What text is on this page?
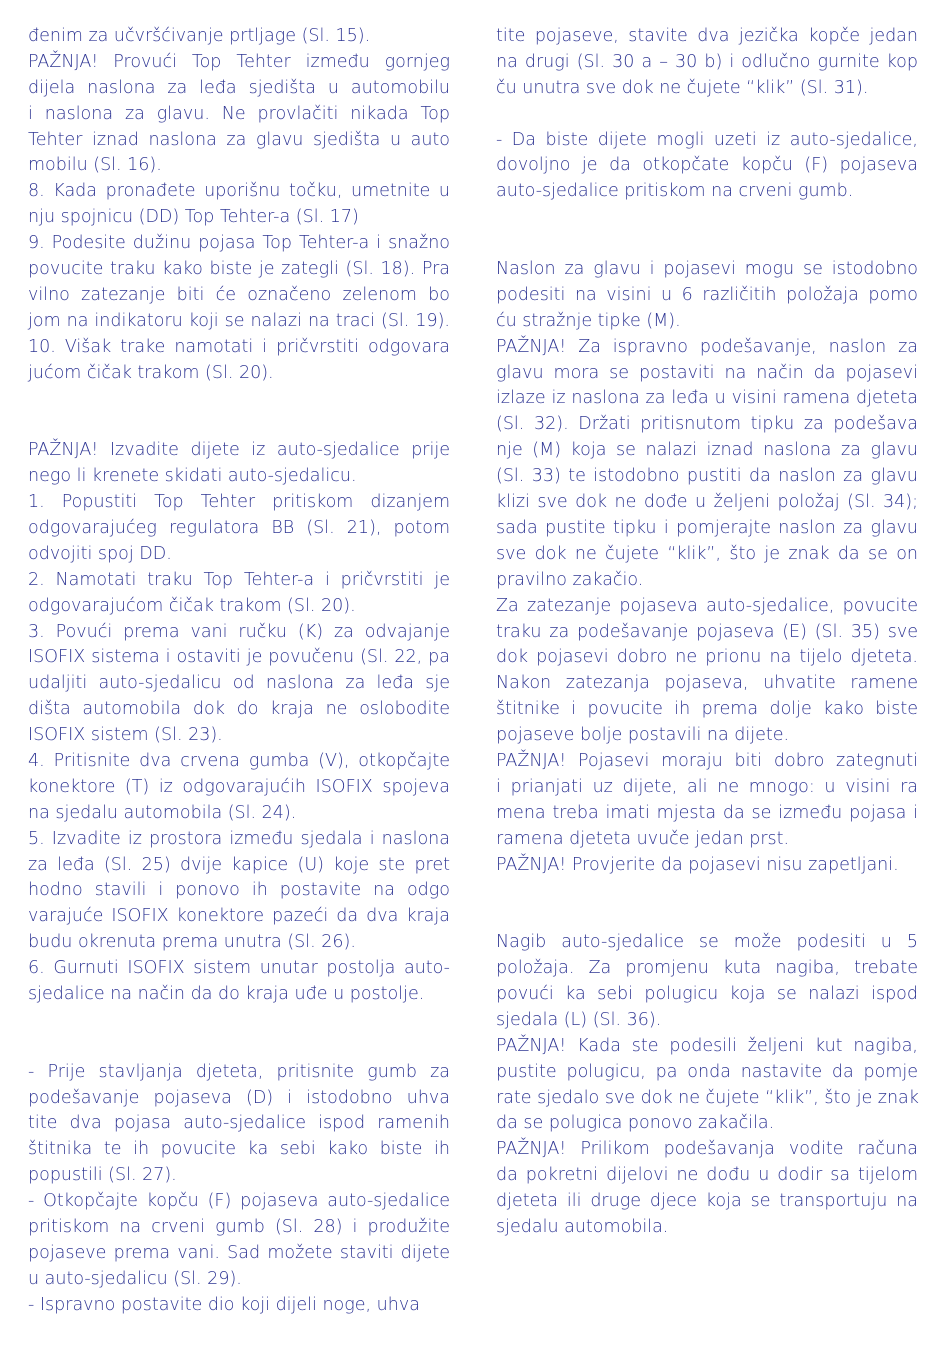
đenim za učvršćivanje prtljage (Sl. 15).
PAŽNJA! Provući Top Tehter između gornjeg
dijela naslona za leđa sjedišta u automobilu
i naslona za glavu. Ne provlačiti nikada Top
Tehter iznad naslona za glavu sjedišta u auto
mobilu (Sl. 16).
8. Kada pronađete uporišnu točku, umetnite u
nju spojnicu (DD) Top Tehter-a (Sl. 17)
9. Podesite dužinu pojasa Top Tehter-a i snažno
povucite traku kako biste je zategli (Sl. 18). Pra
vilno zatezanje biti će označeno zelenom bo
jom na indikatoru koji se nalazi na traci (Sl. 19).
10. Višak trake namotati i pričvrstiti odgovara
jućom čičak trakom (Sl. 20).
PAŽNJA! Izvadite dijete iz auto-sjedalice prije
nego li krenete skidati auto-sjedalicu.
1. Popustiti Top Tehter pritiskom dizanjem
odgovarajućeg regulatora BB (Sl. 21), potom
odvojiti spoj DD.
2. Namotati traku Top Tehter-a i pričvrstiti je
odgovarajućom čičak trakom (Sl. 20).
3. Povući prema vani ručku (K) za odvajanje
ISOFIX sistema i ostaviti je povučenu (Sl. 22, pa
udaljiti auto-sjedalicu od naslona za leđa sje
dišta automobila dok do kraja ne oslobodite
ISOFIX sistem (Sl. 23).
4. Pritisnite dva crvena gumba (V), otkopčajte
konektore (T) iz odgovarajućih ISOFIX spojeva
na sjedalu automobila (Sl. 24).
5. Izvadite iz prostora između sjedala i naslona
za leđa (Sl. 25) dvije kapice (U) koje ste pret
hodno stavili i ponovo ih postavite na odgo
varajuće ISOFIX konektore pazeći da dva kraja
budu okrenuta prema unutra (Sl. 26).
6. Gurnuti ISOFIX sistem unutar postolja auto-
sjedalice na način da do kraja uđe u postolje.
- Prije stavljanja djeteta, pritisnite gumb za
podešavanje pojaseva (D) i istodobno uhva
tite dva pojasa auto-sjedalice ispod ramenih
štitnika te ih povucite ka sebi kako biste ih
popustili (Sl. 27).
- Otkopčajte kopču (F) pojaseva auto-sjedalice
pritiskom na crveni gumb (Sl. 28) i produžite
pojaseve prema vani. Sad možete staviti dijete
u auto-sjedalicu (Sl. 29).
- Ispravno postavite dio koji dijeli noge, uhva
tite pojaseve, stavite dva jezička kopče jedan
na drugi (Sl. 30 a – 30 b) i odlučno gurnite kop
ču unutra sve dok ne čujete “klik” (Sl. 31).
- Da biste dijete mogli uzeti iz auto-sjedalice,
dovoljno je da otkopčate kopču (F) pojaseva
auto-sjedalice pritiskom na crveni gumb.
Naslon za glavu i pojasevi mogu se istodobno
podesiti na visini u 6 različitih položaja pomo
ću stražnje tipke (M).
PAŽNJA! Za ispravno podešavanje, naslon za
glavu mora se postaviti na način da pojasevi
izlaze iz naslona za leđa u visini ramena djeteta
(Sl. 32). Držati pritisnutom tipku za podešava
nje (M) koja se nalazi iznad naslona za glavu
(Sl. 33) te istodobno pustiti da naslon za glavu
klizi sve dok ne dođe u željeni položaj (Sl. 34);
sada pustite tipku i pomjerajte naslon za glavu
sve dok ne čujete “klik”, što je znak da se on
pravilno zakačio.
Za zatezanje pojaseva auto-sjedalice, povucite
traku za podešavanje pojaseva (E) (Sl. 35) sve
dok pojasevi dobro ne prionu na tijelo djeteta.
Nakon zatezanja pojaseva, uhvatite ramene
štitnike i povucite ih prema dolje kako biste
pojaseve bolje postavili na dijete.
PAŽNJA! Pojasevi moraju biti dobro zategnuti
i prianjati uz dijete, ali ne mnogo: u visini ra
mena treba imati mjesta da se između pojasa i
ramena djeteta uvuče jedan prst.
PAŽNJA! Provjerite da pojasevi nisu zapetljani.
Nagib auto-sjedalice se može podesiti u 5
položaja. Za promjenu kuta nagiba, trebate
povući ka sebi polugicu koja se nalazi ispod
sjedala (L) (Sl. 36).
PAŽNJA! Kada ste podesili željeni kut nagiba,
pustite polugicu, pa onda nastavite da pomje
rate sjedalo sve dok ne čujete “klik”, što je znak
da se polugica ponovo zakačila.
PAŽNJA! Prilikom podešavanja vodite računa
da pokretni dijelovi ne dođu u dodir sa tijelom
djeteta ili druge djece koja se transportuju na
sjedalu automobila.
